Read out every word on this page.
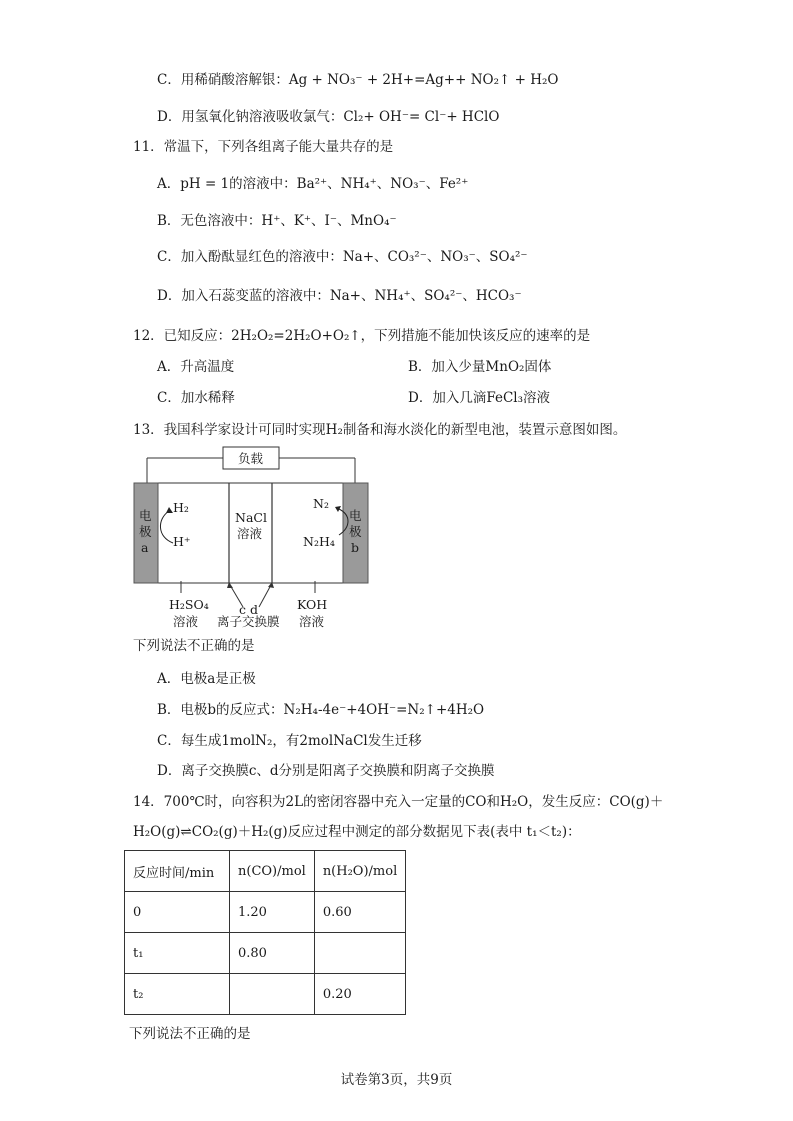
C．用稀硝酸溶解银：Ag + NO₃⁻ + 2H+=Ag++ NO₂↑ + H₂O
D．用氢氧化钠溶液吸收氯气：Cl₂+ OH⁻= Cl⁻+ HClO
11．常温下，下列各组离子能大量共存的是
A．pH = 1的溶液中：Ba²⁺、NH₄⁺、NO₃⁻、Fe²⁺
B．无色溶液中：H⁺、K⁺、I⁻、MnO₄⁻
C．加入酚酞显红色的溶液中：Na+、CO₃²⁻、NO₃⁻、SO₄²⁻
D．加入石蕊变蓝的溶液中：Na+、NH₄⁺、SO₄²⁻、HCO₃⁻
12．已知反应：2H₂O₂=2H₂O+O₂↑，下列措施不能加快该反应的速率的是
A．升高温度	B．加入少量MnO₂固体
C．加水稀释	D．加入几滴FeCl₃溶液
13．我国科学家设计可同时实现H₂制备和海水淡化的新型电池，装置示意图如图。
负载
电
极
a
电
极
b
H₂
H⁺
NaCl
溶液
N₂
N₂H₄
H₂SO₄
溶液
c d
离子交换膜
KOH
溶液
下列说法不正确的是
A．电极a是正极
B．电极b的反应式：N₂H₄-4e⁻+4OH⁻=N₂↑+4H₂O
C．每生成1molN₂，有2molNaCl发生迁移
D．离子交换膜c、d分别是阳离子交换膜和阴离子交换膜
14．700℃时，向容积为2L的密闭容器中充入一定量的CO和H₂O，发生反应：CO(g)＋
H₂O(g)⇌CO₂(g)＋H₂(g)反应过程中测定的部分数据见下表(表中 t₁＜t₂)：
反应时间/min	n(CO)/mol	n(H₂O)/mol
0	1.20	0.60
t₁	0.80	
t₂		0.20
下列说法不正确的是
试卷第3页，共9页
